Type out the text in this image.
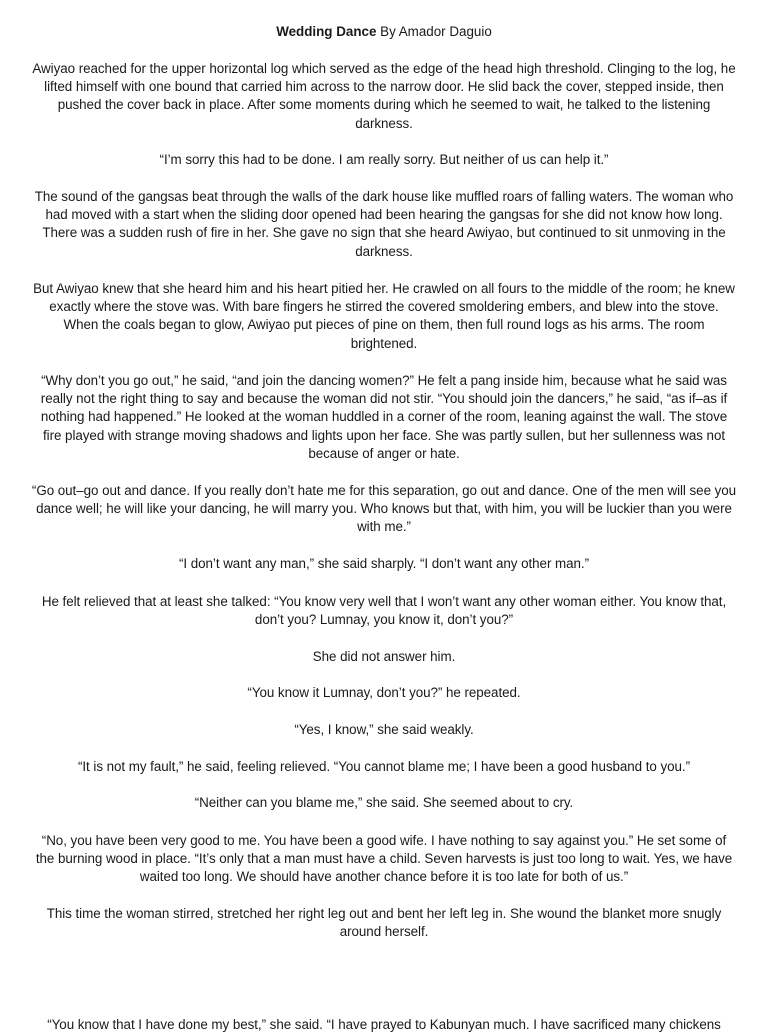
Wedding Dance By Amador Daguio

Awiyao reached for the upper horizontal log which served as the edge of the head high threshold. Clinging to the log, he lifted himself with one bound that carried him across to the narrow door. He slid back the cover, stepped inside, then pushed the cover back in place. After some moments during which he seemed to wait, he talked to the listening darkness.

“I’m sorry this had to be done. I am really sorry. But neither of us can help it.”

The sound of the gangsas beat through the walls of the dark house like muffled roars of falling waters. The woman who had moved with a start when the sliding door opened had been hearing the gangsas for she did not know how long. There was a sudden rush of fire in her. She gave no sign that she heard Awiyao, but continued to sit unmoving in the darkness.

But Awiyao knew that she heard him and his heart pitied her. He crawled on all fours to the middle of the room; he knew exactly where the stove was. With bare fingers he stirred the covered smoldering embers, and blew into the stove. When the coals began to glow, Awiyao put pieces of pine on them, then full round logs as his arms. The room brightened.

“Why don’t you go out,” he said, “and join the dancing women?” He felt a pang inside him, because what he said was really not the right thing to say and because the woman did not stir. “You should join the dancers,” he said, “as if–as if nothing had happened.” He looked at the woman huddled in a corner of the room, leaning against the wall. The stove fire played with strange moving shadows and lights upon her face. She was partly sullen, but her sullenness was not because of anger or hate.

“Go out–go out and dance. If you really don’t hate me for this separation, go out and dance. One of the men will see you dance well; he will like your dancing, he will marry you. Who knows but that, with him, you will be luckier than you were with me.”

“I don’t want any man,” she said sharply. “I don’t want any other man.”

He felt relieved that at least she talked: “You know very well that I won’t want any other woman either. You know that, don’t you? Lumnay, you know it, don’t you?”

She did not answer him.

“You know it Lumnay, don’t you?” he repeated.

“Yes, I know,” she said weakly.

“It is not my fault,” he said, feeling relieved. “You cannot blame me; I have been a good husband to you.”

“Neither can you blame me,” she said. She seemed about to cry.

“No, you have been very good to me. You have been a good wife. I have nothing to say against you.” He set some of the burning wood in place. “It’s only that a man must have a child. Seven harvests is just too long to wait. Yes, we have waited too long. We should have another chance before it is too late for both of us.”

This time the woman stirred, stretched her right leg out and bent her left leg in. She wound the blanket more snugly around herself.

“You know that I have done my best,” she said. “I have prayed to Kabunyan much. I have sacrificed many chickens
